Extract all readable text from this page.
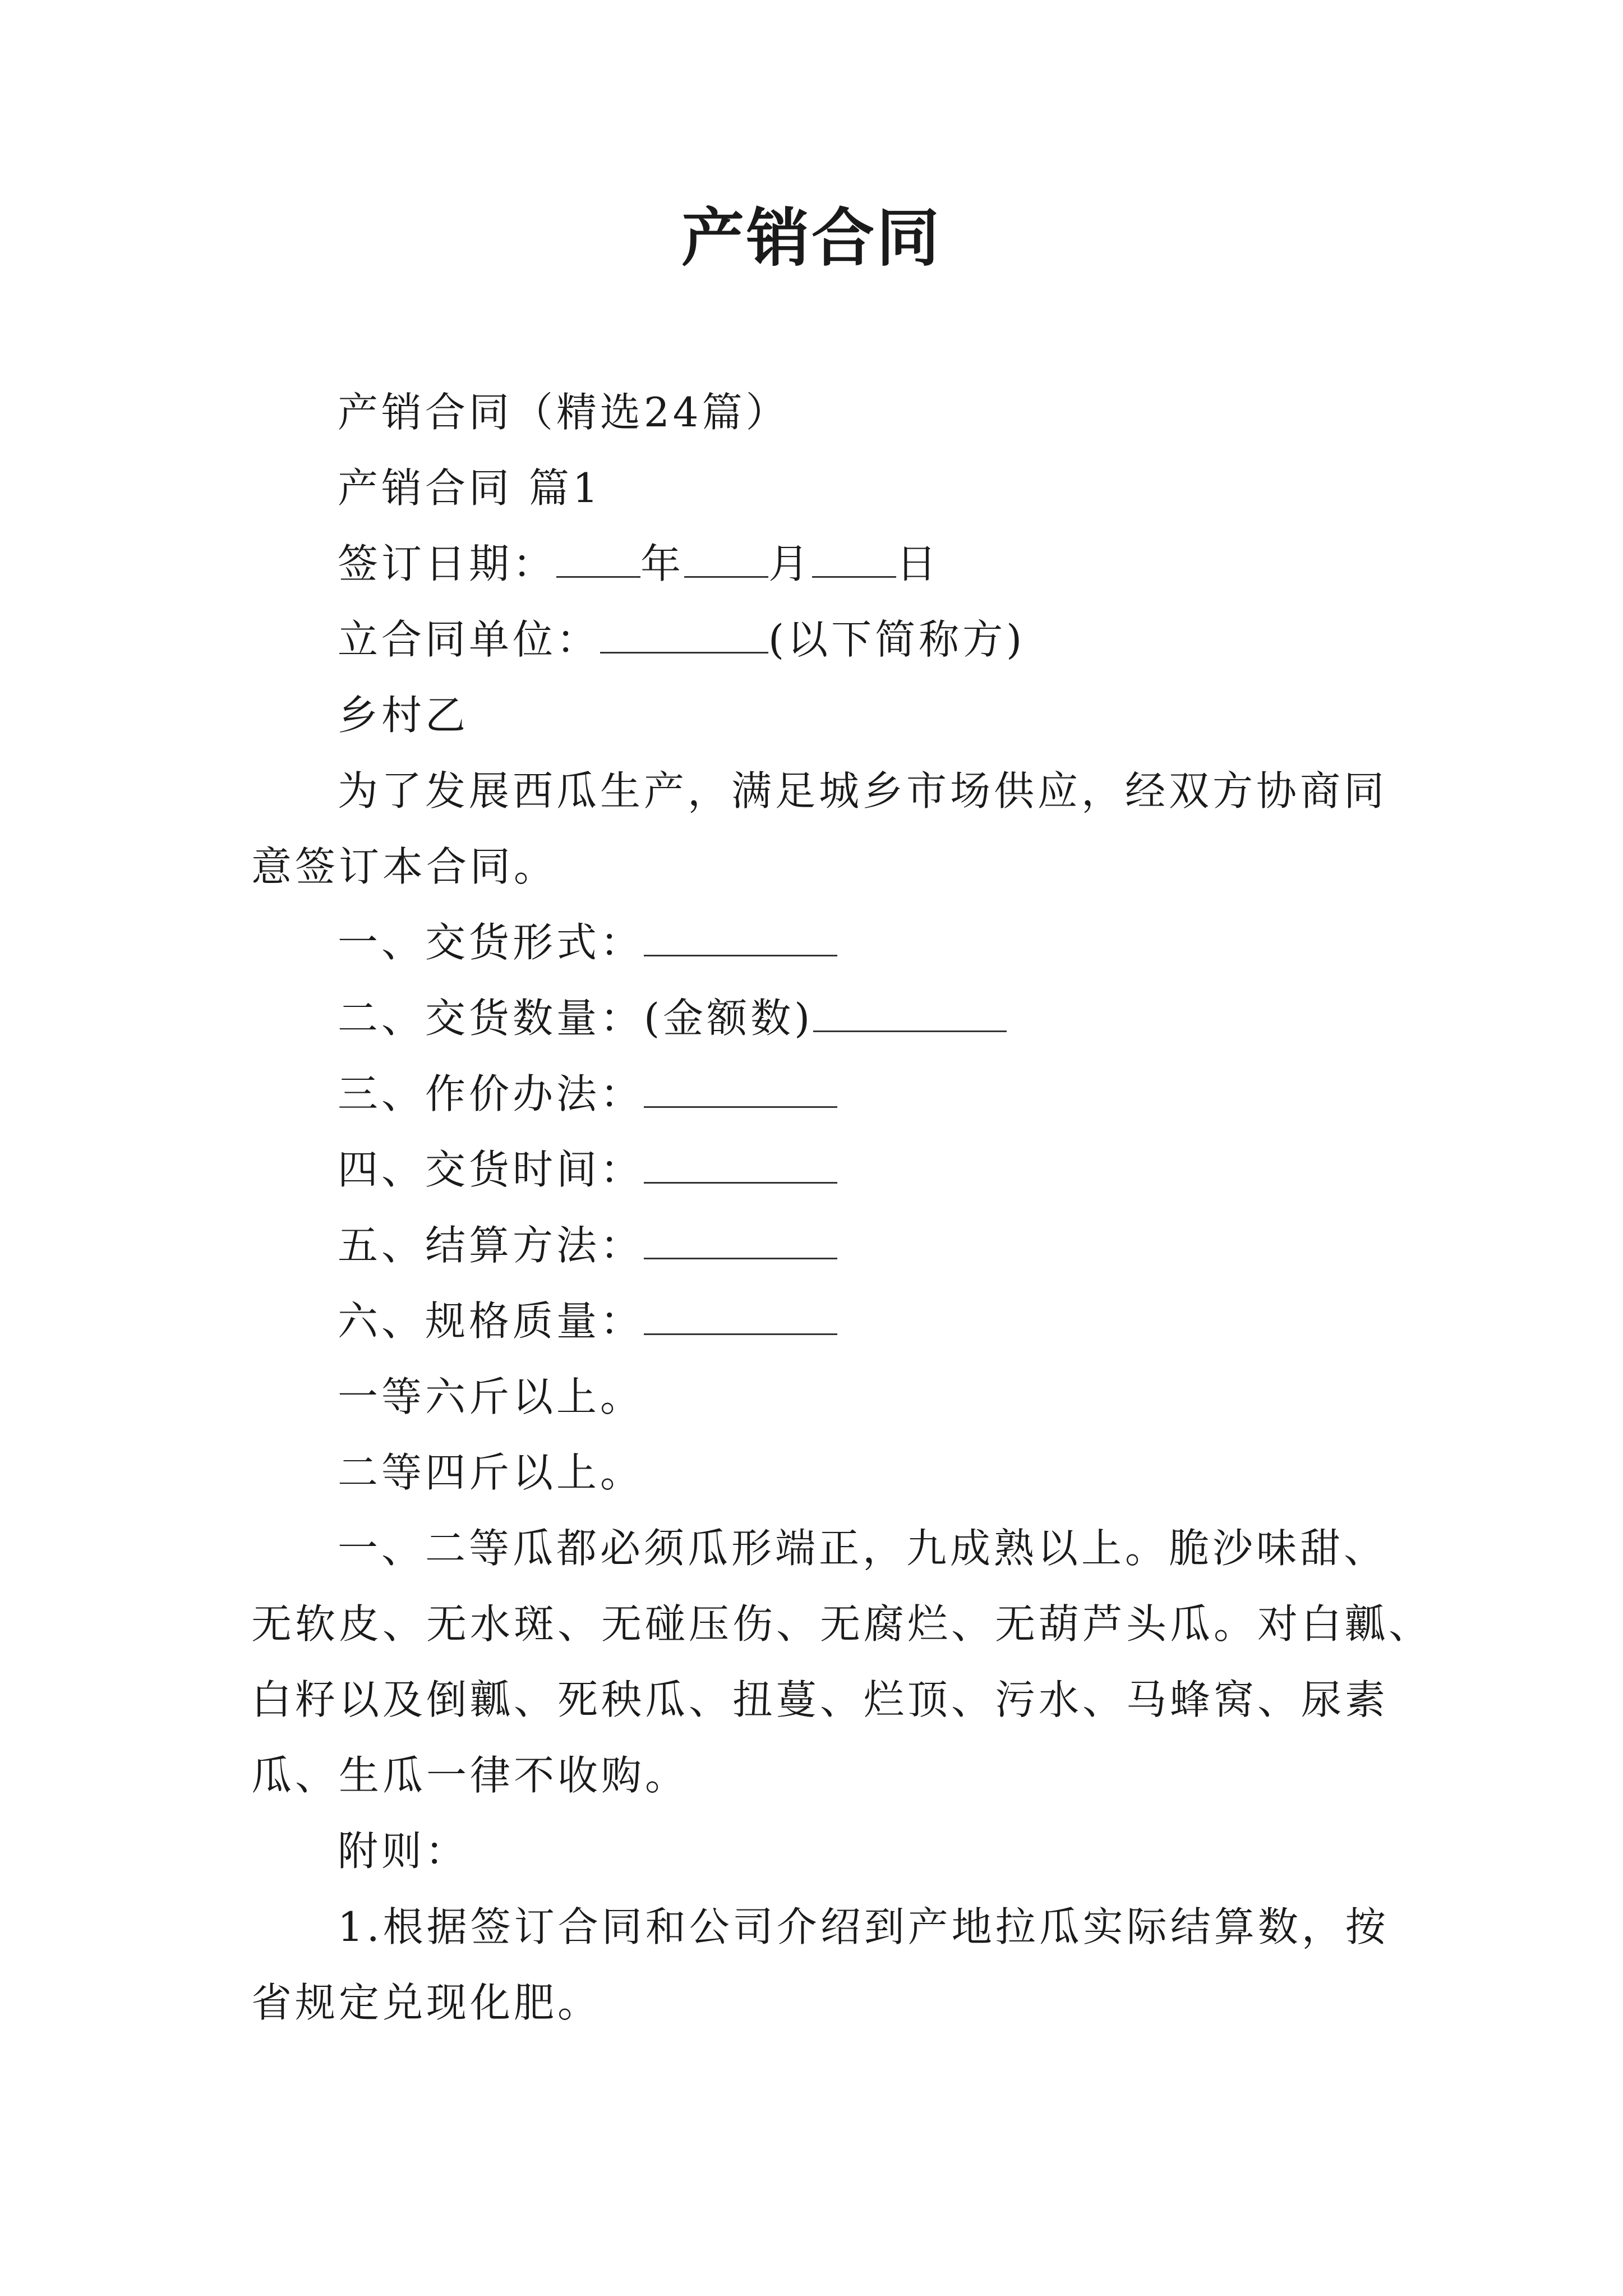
产销合同
产销合同（精选24篇）
产销合同 篇1
签订日期： 年 月 日
立合同单位：	(以下简称方)
乡村乙
为了发展西瓜生产，满足城乡市场供应，经双方协商同
意签订本合同。
一、交货形式：
二、交货数量：(金额数)
三、作价办法：
四、交货时间：
五、结算方法：
六、规格质量：
一等六斤以上。
二等四斤以上。
一、二等瓜都必须瓜形端正，九成熟以上。脆沙味甜、
无软皮、无水斑、无碰压伤、无腐烂、无葫芦头瓜。对白瓤、
白籽以及倒瓤、死秧瓜、扭蔓、烂顶、污水、马蜂窝、尿素
瓜、生瓜一律不收购。
附则：
1.根据签订合同和公司介绍到产地拉瓜实际结算数，按
省规定兑现化肥。
